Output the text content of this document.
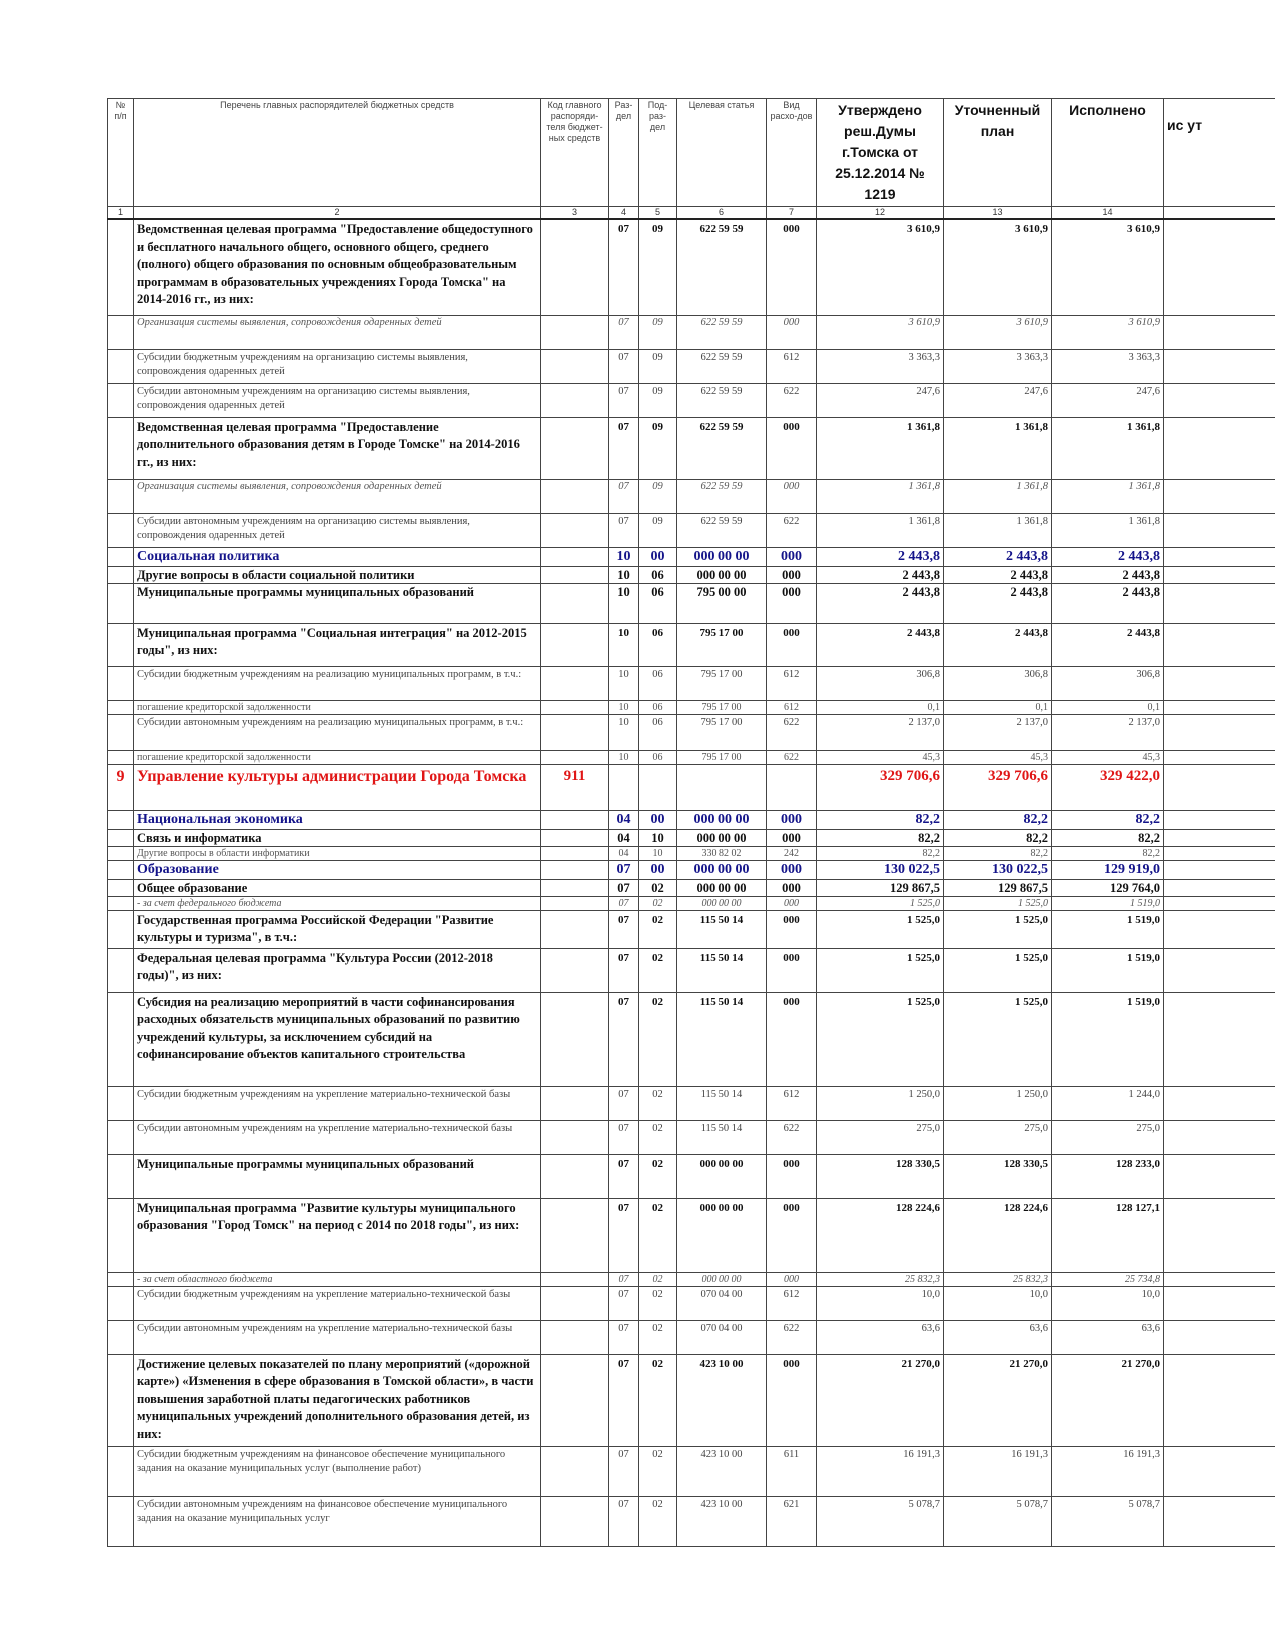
№ п/п	Перечень главных распорядителей бюджетных средств	Код главного распоряди-теля бюджет-ных средств	Раз-дел	Под-раз-дел	Целевая статья	Вид расхо-дов	Утверждено реш.Думы г.Томска от 25.12.2014 № 1219	Уточненный план	Исполнено	ис ут
1	2	3	4	5	6	7	12	13	14	
	Ведомственная целевая программа "Предоставление общедоступного и бесплатного начального общего, основного общего, среднего (полного) общего образования по основным общеобразовательным программам в образовательных учреждениях Города Томска" на 2014-2016 гг., из них:		07	09	622 59 59	000	3 610,9	3 610,9	3 610,9	
	Организация системы выявления, сопровождения одаренных детей		07	09	622 59 59	000	3 610,9	3 610,9	3 610,9	
	Субсидии бюджетным учреждениям на организацию системы выявления, сопровождения одаренных детей		07	09	622 59 59	612	3 363,3	3 363,3	3 363,3	
	Субсидии автономным учреждениям на организацию системы выявления, сопровождения одаренных детей		07	09	622 59 59	622	247,6	247,6	247,6	
	Ведомственная целевая программа "Предоставление дополнительного образования детям в Городе Томске" на 2014-2016 гг., из них:		07	09	622 59 59	000	1 361,8	1 361,8	1 361,8	
	Организация системы выявления, сопровождения одаренных детей		07	09	622 59 59	000	1 361,8	1 361,8	1 361,8	
	Субсидии автономным учреждениям на организацию системы выявления, сопровождения одаренных детей		07	09	622 59 59	622	1 361,8	1 361,8	1 361,8	
	Социальная политика		10	00	000 00 00	000	2 443,8	2 443,8	2 443,8	
	Другие вопросы в области социальной политики		10	06	000 00 00	000	2 443,8	2 443,8	2 443,8	
	Муниципальные программы муниципальных образований		10	06	795 00 00	000	2 443,8	2 443,8	2 443,8	
	Муниципальная программа "Социальная интеграция" на 2012-2015 годы", из них:		10	06	795 17 00	000	2 443,8	2 443,8	2 443,8	
	Субсидии бюджетным учреждениям на реализацию муниципальных программ, в т.ч.:		10	06	795 17 00	612	306,8	306,8	306,8	
	погашение кредиторской задолженности		10	06	795 17 00	612	0,1	0,1	0,1	
	Субсидии автономным учреждениям на реализацию муниципальных программ, в т.ч.:		10	06	795 17 00	622	2 137,0	2 137,0	2 137,0	
	погашение кредиторской задолженности		10	06	795 17 00	622	45,3	45,3	45,3	
9	Управление культуры администрации Города Томска	911					329 706,6	329 706,6	329 422,0	
	Национальная экономика		04	00	000 00 00	000	82,2	82,2	82,2	
	Связь и информатика		04	10	000 00 00	000	82,2	82,2	82,2	
	Другие вопросы в области информатики		04	10	330 82 02	242	82,2	82,2	82,2	
	Образование		07	00	000 00 00	000	130 022,5	130 022,5	129 919,0	
	Общее образование		07	02	000 00 00	000	129 867,5	129 867,5	129 764,0	
	- за счет федерального бюджета		07	02	000 00 00	000	1 525,0	1 525,0	1 519,0	
	Государственная программа Российской Федерации "Развитие культуры и туризма", в т.ч.:		07	02	115 50 14	000	1 525,0	1 525,0	1 519,0	
	Федеральная целевая программа "Культура России (2012-2018 годы)", из них:		07	02	115 50 14	000	1 525,0	1 525,0	1 519,0	
	Субсидия на реализацию мероприятий в части софинансирования расходных обязательств муниципальных образований по развитию учреждений культуры, за исключением субсидий на софинансирование объектов капитального строительства		07	02	115 50 14	000	1 525,0	1 525,0	1 519,0	
	Субсидии бюджетным учреждениям на укрепление материально-технической базы		07	02	115 50 14	612	1 250,0	1 250,0	1 244,0	
	Субсидии автономным учреждениям на укрепление материально-технической базы		07	02	115 50 14	622	275,0	275,0	275,0	
	Муниципальные программы муниципальных образований		07	02	000 00 00	000	128 330,5	128 330,5	128 233,0	
	Муниципальная программа "Развитие культуры муниципального образования "Город Томск" на период с 2014 по 2018 годы", из них:		07	02	000 00 00	000	128 224,6	128 224,6	128 127,1	
	- за счет областного бюджета		07	02	000 00 00	000	25 832,3	25 832,3	25 734,8	
	Субсидии бюджетным учреждениям на укрепление материально-технической базы		07	02	070 04 00	612	10,0	10,0	10,0	
	Субсидии автономным учреждениям на укрепление материально-технической базы		07	02	070 04 00	622	63,6	63,6	63,6	
	Достижение целевых показателей по плану мероприятий («дорожной карте») «Изменения в сфере образования в Томской области», в части повышения заработной платы педагогических работников муниципальных учреждений дополнительного образования детей, из них:		07	02	423 10 00	000	21 270,0	21 270,0	21 270,0	
	Субсидии бюджетным учреждениям на финансовое обеспечение муниципального задания на оказание муниципальных услуг (выполнение работ)		07	02	423 10 00	611	16 191,3	16 191,3	16 191,3	
	Субсидии автономным учреждениям на финансовое обеспечение муниципального задания на оказание муниципальных услуг		07	02	423 10 00	621	5 078,7	5 078,7	5 078,7	
